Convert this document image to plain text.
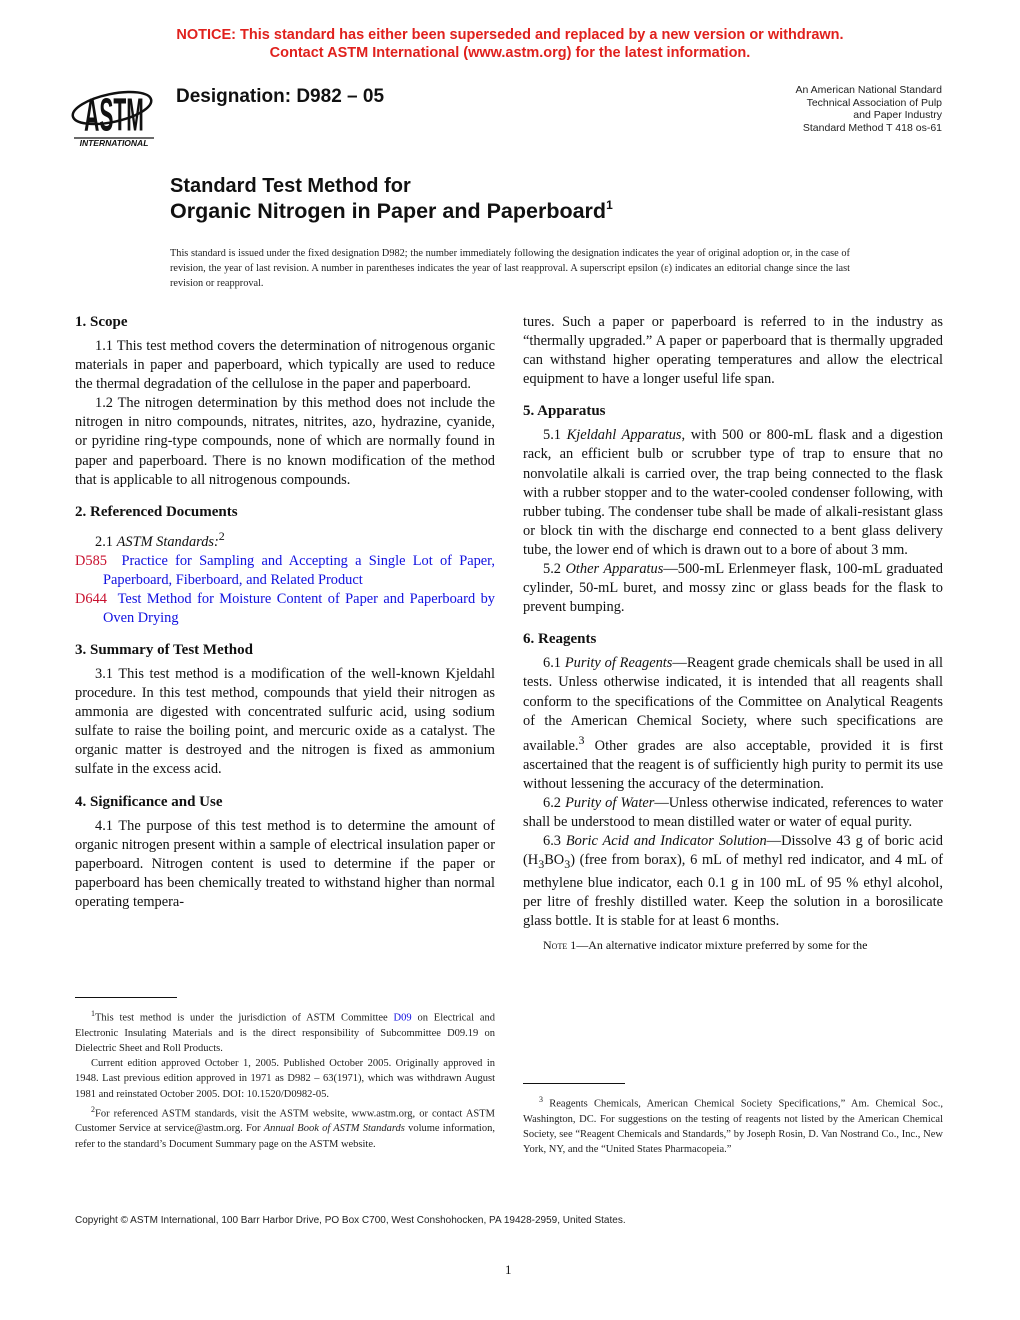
NOTICE: This standard has either been superseded and replaced by a new version or withdrawn.
Contact ASTM International (www.astm.org) for the latest information.
ASTM
INTERNATIONAL
Designation: D982 – 05	An American National Standard
Technical Association of Pulp
and Paper Industry
Standard Method T 418 os-61
Standard Test Method for
Organic Nitrogen in Paper and Paperboard$^1$
This standard is issued under the fixed designation D982; the number immediately following the designation indicates the year of original adoption or, in the case of revision, the year of last revision. A number in parentheses indicates the year of last reapproval. A superscript epsilon (ε) indicates an editorial change since the last revision or reapproval.
1. Scope

1.1 This test method covers the determination of nitrogenous organic materials in paper and paperboard, which typically are used to reduce the thermal degradation of the cellulose in the paper and paperboard.

1.2 The nitrogen determination by this method does not include the nitrogen in nitro compounds, nitrates, nitrites, azo, hydrazine, cyanide, or pyridine ring-type compounds, none of which are normally found in paper and paperboard. There is no known modification of the method that is applicable to all nitrogenous compounds.

2. Referenced Documents

2.1 ASTM Standards:$^2$

D585 Practice for Sampling and Accepting a Single Lot of Paper, Paperboard, Fiberboard, and Related Product

D644 Test Method for Moisture Content of Paper and Paperboard by Oven Drying

3. Summary of Test Method

3.1 This test method is a modification of the well-known Kjeldahl procedure. In this test method, compounds that yield their nitrogen as ammonia are digested with concentrated sulfuric acid, using sodium sulfate to raise the boiling point, and mercuric oxide as a catalyst. The organic matter is destroyed and the nitrogen is fixed as ammonium sulfate in the excess acid.

4. Significance and Use

4.1 The purpose of this test method is to determine the amount of organic nitrogen present within a sample of electrical insulation paper or paperboard. Nitrogen content is used to determine if the paper or paperboard has been chemically treated to withstand higher than normal operating tempera-

$^1$This test method is under the jurisdiction of ASTM Committee D09 on Electrical and Electronic Insulating Materials and is the direct responsibility of Subcommittee D09.19 on Dielectric Sheet and Roll Products.

Current edition approved October 1, 2005. Published October 2005. Originally approved in 1948. Last previous edition approved in 1971 as D982 – 63(1971), which was withdrawn August 1981 and reinstated October 2005. DOI: 10.1520/D0982-05.

$^2$For referenced ASTM standards, visit the ASTM website, www.astm.org, or contact ASTM Customer Service at service@astm.org. For Annual Book of ASTM Standards volume information, refer to the standard’s Document Summary page on the ASTM website.

tures. Such a paper or paperboard is referred to in the industry as “thermally upgraded.” A paper or paperboard that is thermally upgraded can withstand higher operating temperatures and allow the electrical equipment to have a longer useful life span.

5. Apparatus

5.1 Kjeldahl Apparatus, with 500 or 800-mL flask and a digestion rack, an efficient bulb or scrubber type of trap to ensure that no nonvolatile alkali is carried over, the trap being connected to the flask with a rubber stopper and to the water-cooled condenser following, with rubber tubing. The condenser tube shall be made of alkali-resistant glass or block tin with the discharge end connected to a bent glass delivery tube, the lower end of which is drawn out to a bore of about 3 mm.

5.2 Other Apparatus—500-mL Erlenmeyer flask, 100-mL graduated cylinder, 50-mL buret, and mossy zinc or glass beads for the flask to prevent bumping.

6. Reagents

6.1 Purity of Reagents—Reagent grade chemicals shall be used in all tests. Unless otherwise indicated, it is intended that all reagents shall conform to the specifications of the Committee on Analytical Reagents of the American Chemical Society, where such specifications are available.$^3$ Other grades are also acceptable, provided it is first ascertained that the reagent is of sufficiently high purity to permit its use without lessening the accuracy of the determination.

6.2 Purity of Water—Unless otherwise indicated, references to water shall be understood to mean distilled water or water of equal purity.

6.3 Boric Acid and Indicator Solution—Dissolve 43 g of boric acid $(H_3BO_3)$ (free from borax), 6 mL of methyl red indicator, and 4 mL of methylene blue indicator, each 0.1 g in 100 mL of 95 % ethyl alcohol, per litre of freshly distilled water. Keep the solution in a borosilicate glass bottle. It is stable for at least 6 months.

Note 1—An alternative indicator mixture preferred by some for the

$^3$ Reagents Chemicals, American Chemical Society Specifications,” Am. Chemical Soc., Washington, DC. For suggestions on the testing of reagents not listed by the American Chemical Society, see “Reagent Chemicals and Standards,” by Joseph Rosin, D. Van Nostrand Co., Inc., New York, NY, and the “United States Pharmacopeia.”

Copyright © ASTM International, 100 Barr Harbor Drive, PO Box C700, West Conshohocken, PA 19428-2959, United States.
1
